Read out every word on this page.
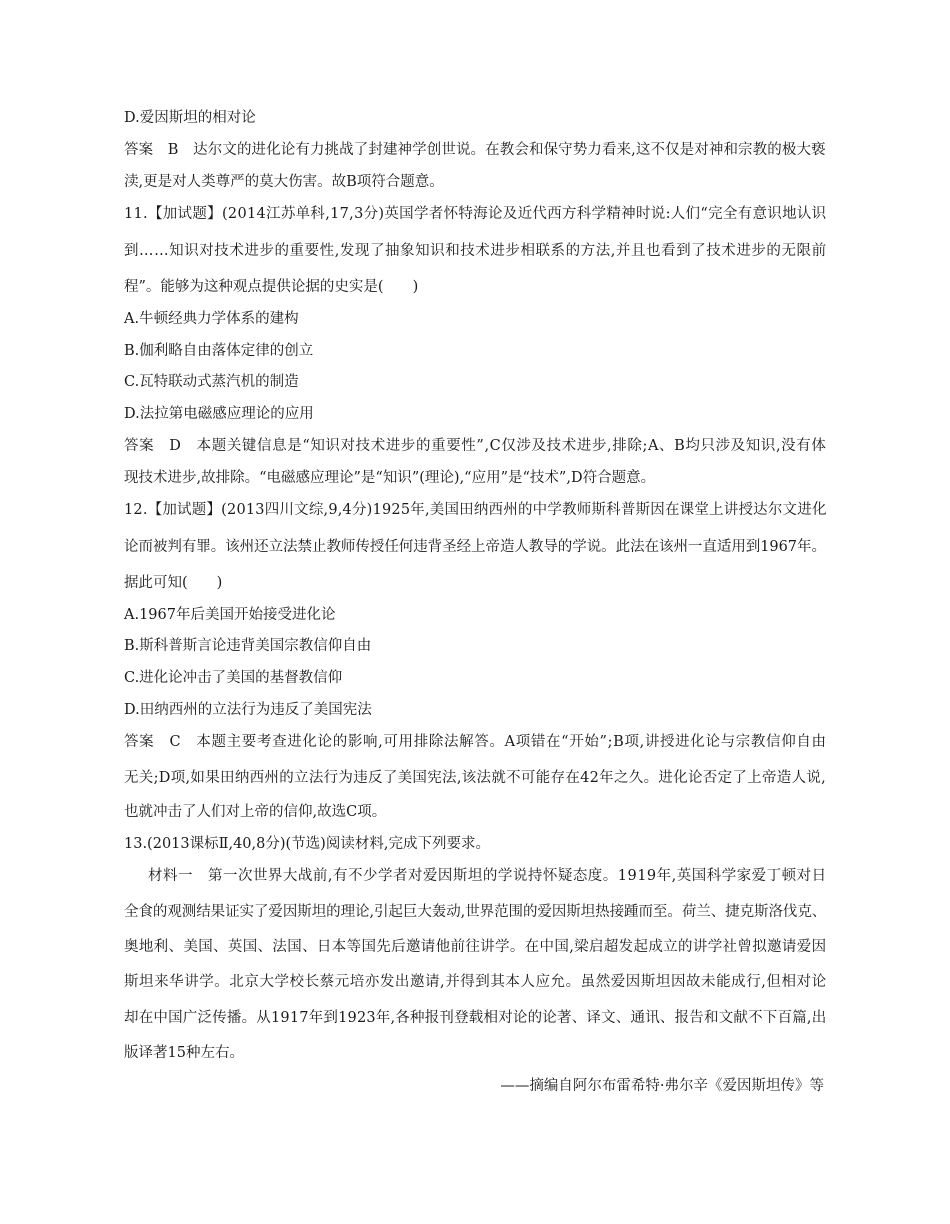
D.爱因斯坦的相对论
答案　B　达尔文的进化论有力挑战了封建神学创世说。在教会和保守势力看来,这不仅是对神和宗教的极大亵
渎,更是对人类尊严的莫大伤害。故B项符合题意。
11.【加试题】(2014江苏单科,17,3分)英国学者怀特海论及近代西方科学精神时说:人们“完全有意识地认识
到……知识对技术进步的重要性,发现了抽象知识和技术进步相联系的方法,并且也看到了技术进步的无限前
程”。能够为这种观点提供论据的史实是(　　)
A.牛顿经典力学体系的建构
B.伽利略自由落体定律的创立
C.瓦特联动式蒸汽机的制造
D.法拉第电磁感应理论的应用
答案　D　本题关键信息是“知识对技术进步的重要性”,C仅涉及技术进步,排除;A、B均只涉及知识,没有体
现技术进步,故排除。“电磁感应理论”是“知识”(理论),“应用”是“技术”,D符合题意。
12.【加试题】(2013四川文综,9,4分)1925年,美国田纳西州的中学教师斯科普斯因在课堂上讲授达尔文进化
论而被判有罪。该州还立法禁止教师传授任何违背圣经上帝造人教导的学说。此法在该州一直适用到1967年。
据此可知(　　)
A.1967年后美国开始接受进化论
B.斯科普斯言论违背美国宗教信仰自由
C.进化论冲击了美国的基督教信仰
D.田纳西州的立法行为违反了美国宪法
答案　C　本题主要考查进化论的影响,可用排除法解答。A项错在“开始”;B项,讲授进化论与宗教信仰自由
无关;D项,如果田纳西州的立法行为违反了美国宪法,该法就不可能存在42年之久。进化论否定了上帝造人说,
也就冲击了人们对上帝的信仰,故选C项。
13.(2013课标Ⅱ,40,8分)(节选)阅读材料,完成下列要求。
材料一　第一次世界大战前,有不少学者对爱因斯坦的学说持怀疑态度。1919年,英国科学家爱丁顿对日
全食的观测结果证实了爱因斯坦的理论,引起巨大轰动,世界范围的爱因斯坦热接踵而至。荷兰、捷克斯洛伐克、
奥地利、美国、英国、法国、日本等国先后邀请他前往讲学。在中国,梁启超发起成立的讲学社曾拟邀请爱因
斯坦来华讲学。北京大学校长蔡元培亦发出邀请,并得到其本人应允。虽然爱因斯坦因故未能成行,但相对论
却在中国广泛传播。从1917年到1923年,各种报刊登载相对论的论著、译文、通讯、报告和文献不下百篇,出
版译著15种左右。
——摘编自阿尔布雷希特·弗尔辛《爱因斯坦传》等
